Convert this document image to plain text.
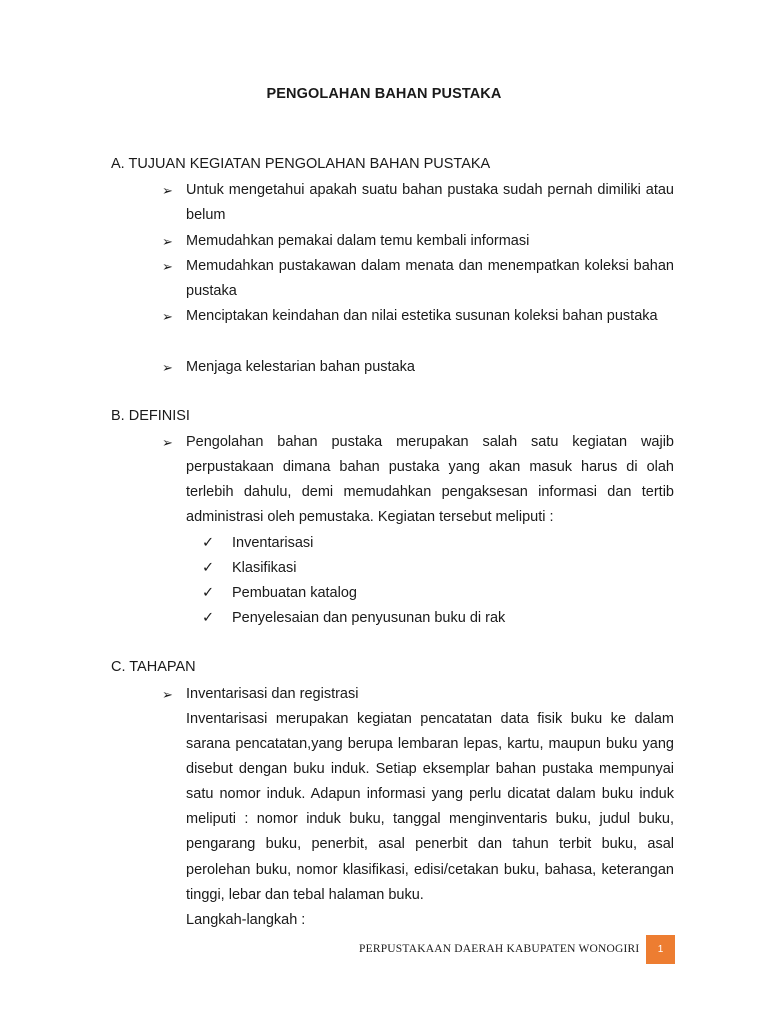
PENGOLAHAN BAHAN PUSTAKA
A. TUJUAN KEGIATAN PENGOLAHAN BAHAN PUSTAKA
➢ Untuk mengetahui apakah suatu bahan pustaka sudah pernah dimiliki atau belum
➢ Memudahkan pemakai dalam temu kembali informasi
➢ Memudahkan pustakawan dalam menata dan menempatkan koleksi bahan pustaka
➢ Menciptakan keindahan dan nilai estetika susunan koleksi bahan pustaka
➢ Menjaga kelestarian bahan pustaka
B. DEFINISI
➢ Pengolahan bahan pustaka merupakan salah satu kegiatan wajib perpustakaan dimana bahan pustaka yang akan masuk harus di olah terlebih dahulu, demi memudahkan pengaksesan informasi dan tertib administrasi oleh pemustaka. Kegiatan tersebut meliputi :
✓ Inventarisasi
✓ Klasifikasi
✓ Pembuatan katalog
✓ Penyelesaian dan penyusunan buku di rak
C. TAHAPAN
➢ Inventarisasi dan registrasi
Inventarisasi merupakan kegiatan pencatatan data fisik buku ke dalam sarana pencatatan,yang berupa lembaran lepas, kartu, maupun buku yang disebut dengan buku induk. Setiap eksemplar bahan pustaka mempunyai satu nomor induk. Adapun informasi yang perlu dicatat dalam buku induk meliputi : nomor induk buku, tanggal menginventaris buku, judul buku, pengarang buku, penerbit, asal penerbit dan tahun terbit buku, asal perolehan buku, nomor klasifikasi, edisi/cetakan buku, bahasa, keterangan tinggi, lebar dan tebal halaman buku.
Langkah-langkah :
PERPUSTAKAAN DAERAH KABUPATEN WONOGIRI	1
